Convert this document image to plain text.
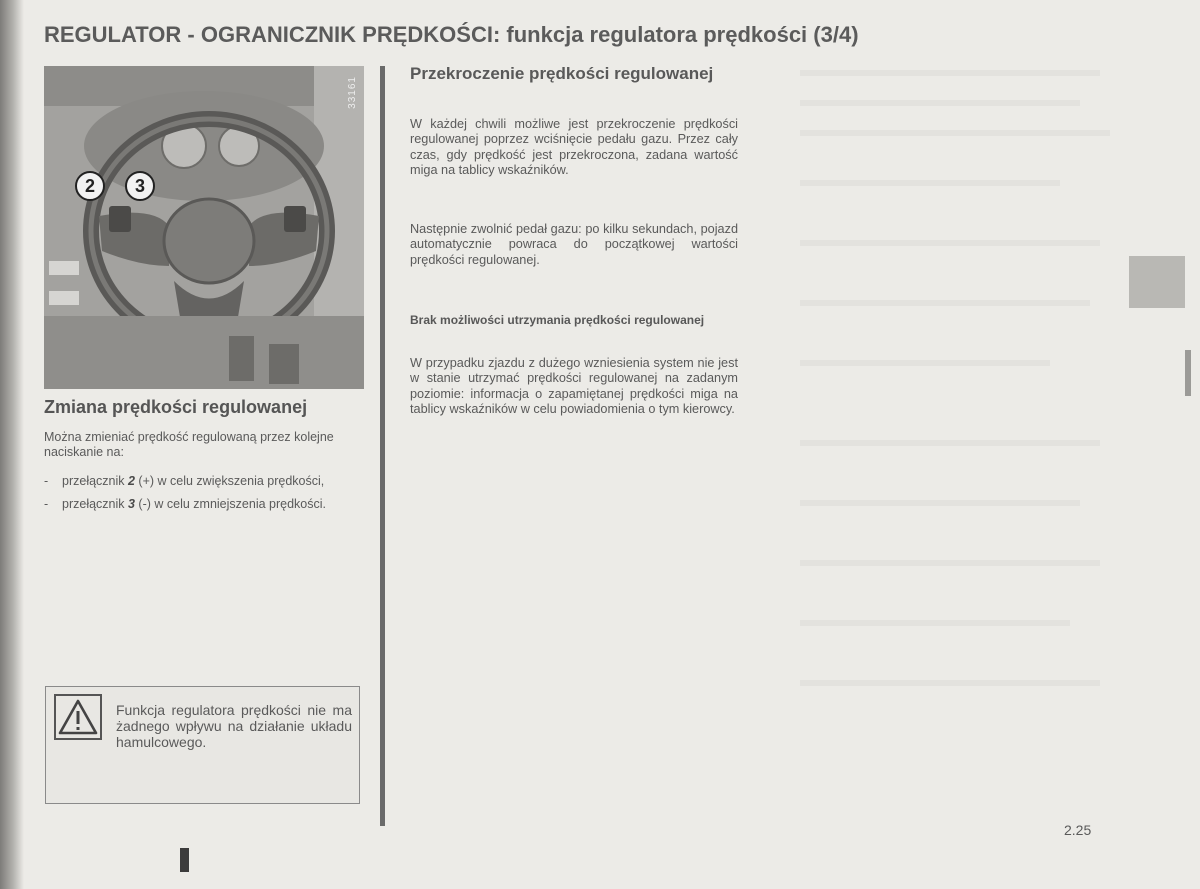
REGULATOR - OGRANICZNIK PRĘDKOŚCI: funkcja regulatora prędkości (3/4)
33161
2	3
Zmiana prędkości regulowanej
Można zmieniać prędkość regulowaną przez kolejne naciskanie na:
- przełącznik 2 (+) w celu zwiększenia prędkości,
- przełącznik 3 (-) w celu zmniejszenia prędkości.
Funkcja regulatora prędkości nie ma żadnego wpływu na działanie układu hamulcowego.
Przekroczenie prędkości regulowanej

W każdej chwili możliwe jest przekroczenie prędkości regulowanej poprzez wciśnięcie pedału gazu. Przez cały czas, gdy prędkość jest przekroczona, zadana wartość miga na tablicy wskaźników.

Następnie zwolnić pedał gazu: po kilku sekundach, pojazd automatycznie powraca do początkowej wartości prędkości regulowanej.

Brak możliwości utrzymania prędkości regulowanej

W przypadku zjazdu z dużego wzniesienia system nie jest w stanie utrzymać prędkości regulowanej na zadanym poziomie: informacja o zapamiętanej prędkości miga na tablicy wskaźników w celu powiadomienia o tym kierowcy.

2.25
